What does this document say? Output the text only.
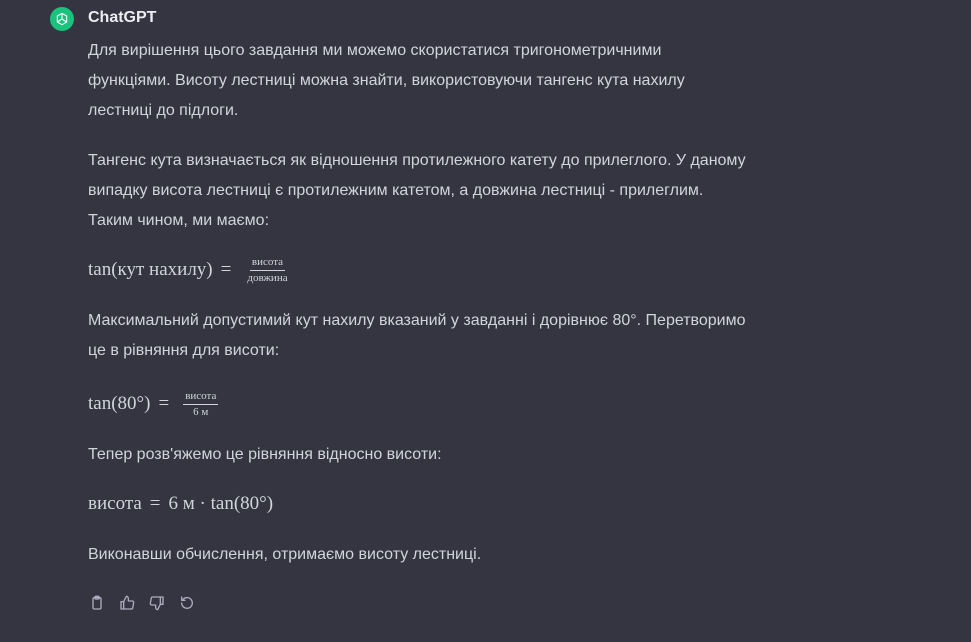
ChatGPT

Для вирішення цього завдання ми можемо скористатися тригонометричними функціями. Висоту лестниці можна знайти, використовуючи тангенс кута нахилу лестниці до підлоги.

Тангенс кута визначається як відношення протилежного катету до прилеглого. У даному випадку висота лестниці є протилежним катетом, а довжина лестниці - прилеглим. Таким чином, ми маємо:

tan(кут нахилу) = $\frac{\text{висота}}{\text{довжина}}$

Максимальний допустимий кут нахилу вказаний у завданні і дорівнює 80°. Перетворимо це в рівняння для висоти:

$\tan(80^\circ) = \frac{\text{висота}}{6 м}$

Тепер розв'яжемо це рівняння відносно висоти:

висота = 6 м · tan(80°)

Виконавши обчислення, отримаємо висоту лестниці.
